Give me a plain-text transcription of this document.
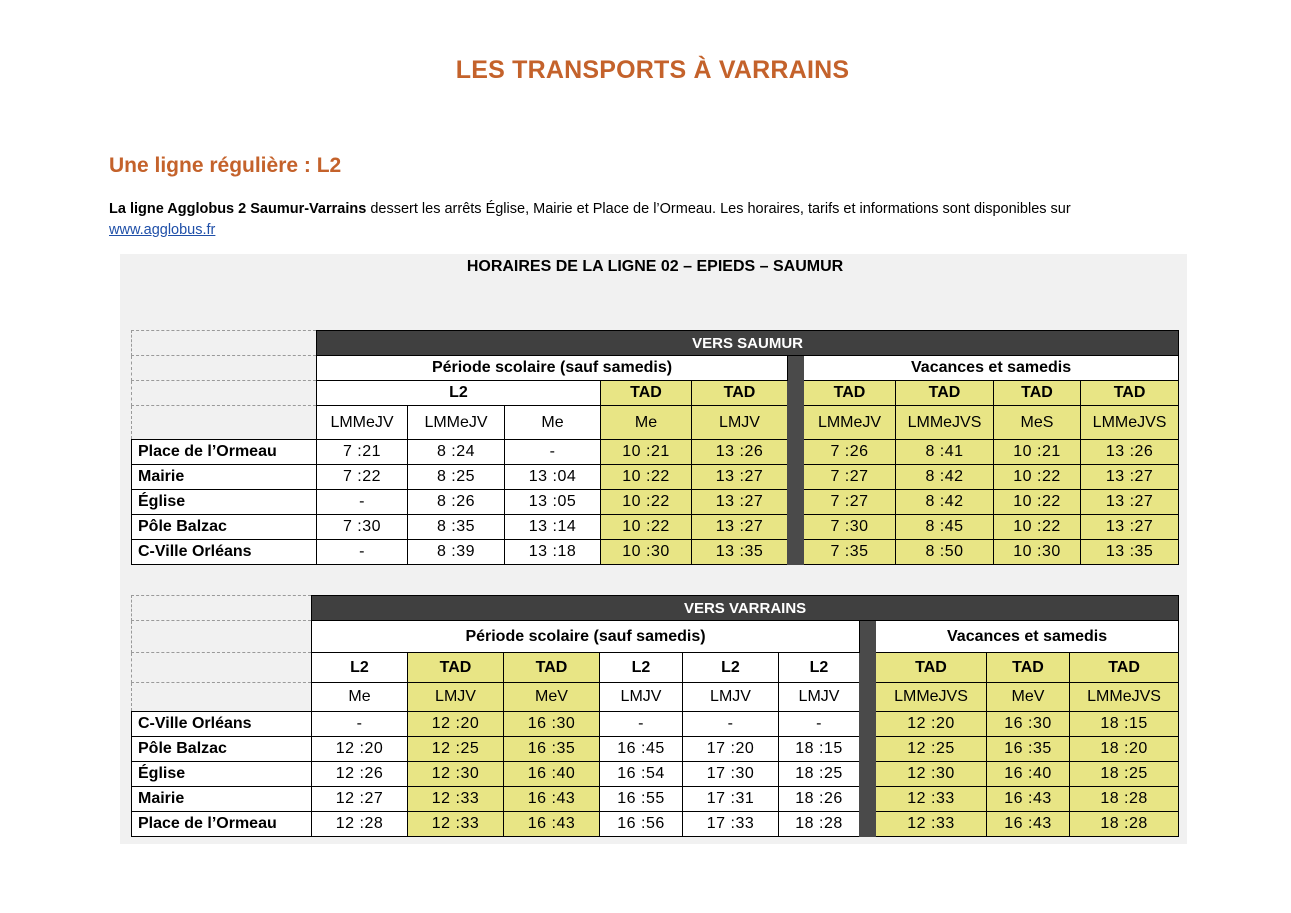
LES TRANSPORTS À VARRAINS
Une ligne régulière : L2
La ligne Agglobus 2 Saumur-Varrains dessert les arrêts Église, Mairie et Place de l’Ormeau. Les horaires, tarifs et informations sont disponibles sur
www.agglobus.fr
HORAIRES DE LA LIGNE 02 – EPIEDS – SAUMUR
	VERS SAUMUR									
	Période scolaire (sauf samedis)						Vacances et samedis			
	L2			TAD	TAD		TAD	TAD	TAD	TAD
	LMMeJV	LMMeJV	Me	Me	LMJV		LMMeJV	LMMeJVS	MeS	LMMeJVS
Place de l’Ormeau	7 :21	8 :24	-	10 :21	13 :26		7 :26	8 :41	10 :21	13 :26
Mairie	7 :22	8 :25	13 :04	10 :22	13 :27		7 :27	8 :42	10 :22	13 :27
Église	-	8 :26	13 :05	10 :22	13 :27		7 :27	8 :42	10 :22	13 :27
Pôle Balzac	7 :30	8 :35	13 :14	10 :22	13 :27		7 :30	8 :45	10 :22	13 :27
C-Ville Orléans	-	8 :39	13 :18	10 :30	13 :35		7 :35	8 :50	10 :30	13 :35
	VERS VARRAINS									
	Période scolaire (sauf samedis)							Vacances et samedis		
	L2	TAD	TAD	L2	L2	L2		TAD	TAD	TAD
	Me	LMJV	MeV	LMJV	LMJV	LMJV		LMMeJVS	MeV	LMMeJVS
C-Ville Orléans	-	12 :20	16 :30	-	-	-		12 :20	16 :30	18 :15
Pôle Balzac	12 :20	12 :25	16 :35	16 :45	17 :20	18 :15		12 :25	16 :35	18 :20
Église	12 :26	12 :30	16 :40	16 :54	17 :30	18 :25		12 :30	16 :40	18 :25
Mairie	12 :27	12 :33	16 :43	16 :55	17 :31	18 :26		12 :33	16 :43	18 :28
Place de l’Ormeau	12 :28	12 :33	16 :43	16 :56	17 :33	18 :28		12 :33	16 :43	18 :28
